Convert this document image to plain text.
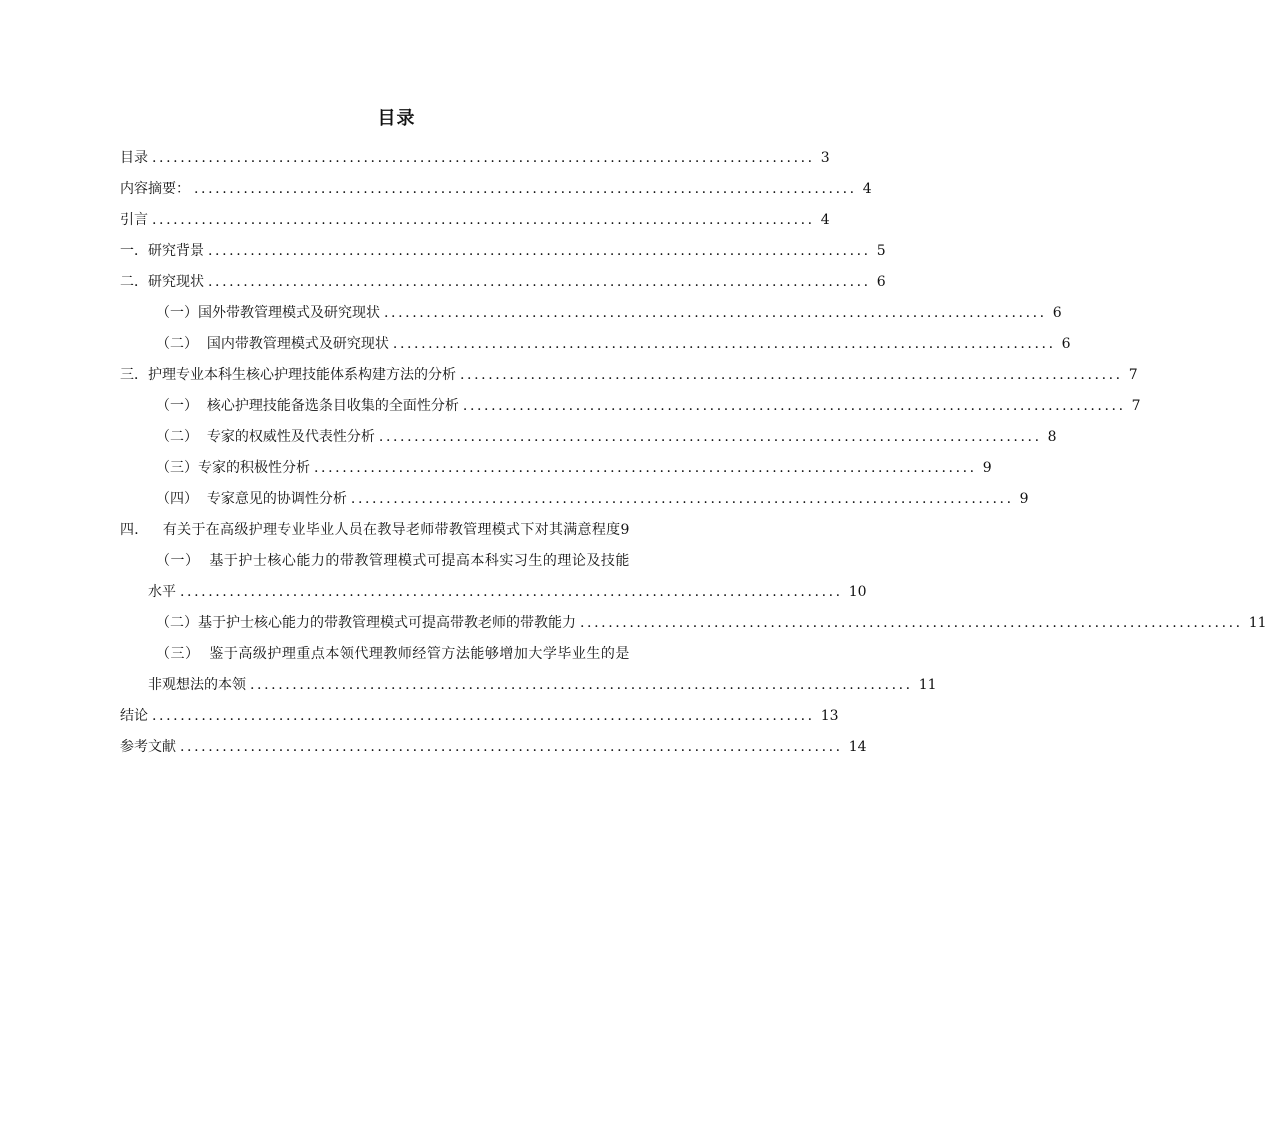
目录
目录 .............................................................................................. 3
内容摘要： .............................................................................................. 4
引言 .............................................................................................. 4
一．研究背景 .............................................................................................. 5
二．研究现状 .............................................................................................. 6
（一）国外带教管理模式及研究现状 .............................................................................................. 6
（二）  国内带教管理模式及研究现状 .............................................................................................. 6
三．护理专业本科生核心护理技能体系构建方法的分析 .............................................................................................. 7
（一）  核心护理技能备选条目收集的全面性分析 .............................................................................................. 7
（二）  专家的权威性及代表性分析 .............................................................................................. 8
（三）专家的积极性分析 .............................................................................................. 9
（四）  专家意见的协调性分析 .............................................................................................. 9
四．   有关于在高级护理专业毕业人员在教导老师带教管理模式下对其满意程度 9
（一）  基于护士核心能力的带教管理模式可提高本科实习生的理论及技能
水平 .............................................................................................. 10
（二）基于护士核心能力的带教管理模式可提高带教老师的带教能力 .............................................................................................. 11
（三）  鉴于高级护理重点本领代理教师经管方法能够增加大学毕业生的是
非观想法的本领 .............................................................................................. 11
结论 .............................................................................................. 13
参考文献 .............................................................................................. 14
